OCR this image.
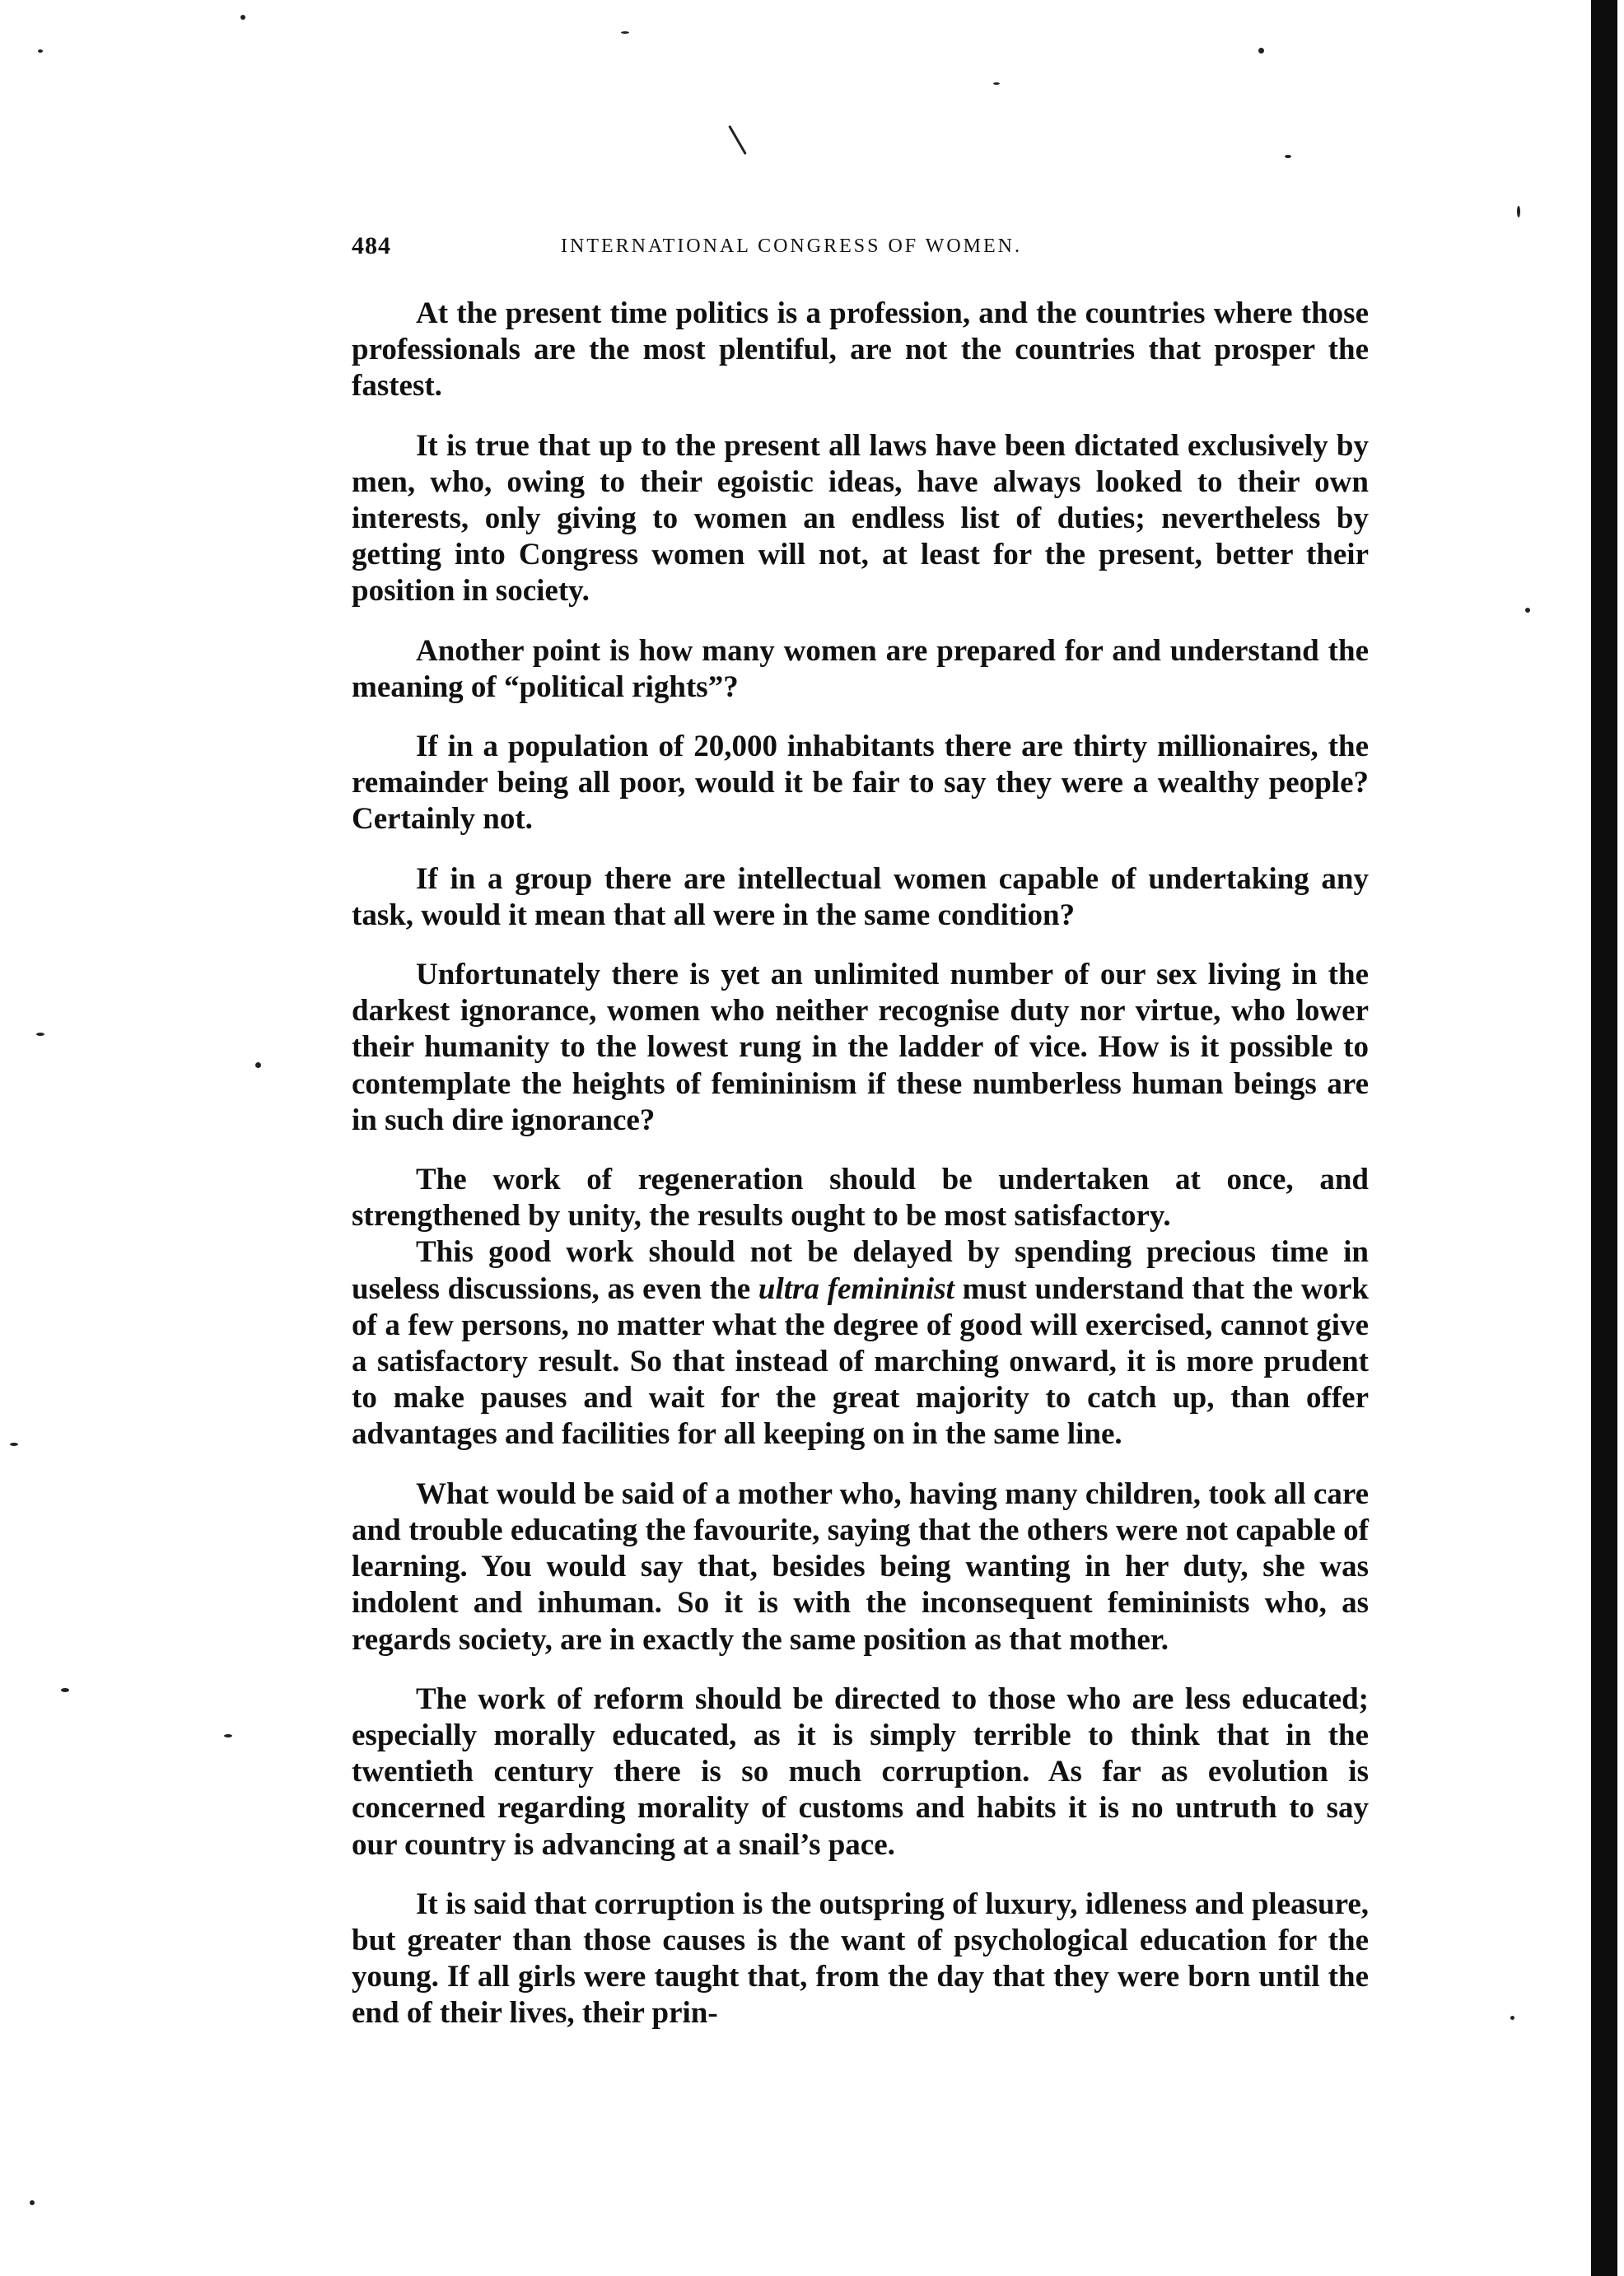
484	INTERNATIONAL CONGRESS OF WOMEN.

At the present time politics is a profession, and the countries where those professionals are the most plentiful, are not the countries that prosper the fastest.

It is true that up to the present all laws have been dictated exclusively by men, who, owing to their egoistic ideas, have always looked to their own interests, only giving to women an endless list of duties; nevertheless by getting into Congress women will not, at least for the present, better their position in society.

Another point is how many women are prepared for and understand the meaning of “political rights”?

If in a population of 20,000 inhabitants there are thirty millionaires, the remainder being all poor, would it be fair to say they were a wealthy people? Certainly not.

If in a group there are intellectual women capable of undertaking any task, would it mean that all were in the same condition?

Unfortunately there is yet an unlimited number of our sex living in the darkest ignorance, women who neither recognise duty nor virtue, who lower their humanity to the lowest rung in the ladder of vice. How is it possible to contemplate the heights of femininism if these numberless human beings are in such dire ignorance?

The work of regeneration should be undertaken at once, and strengthened by unity, the results ought to be most satisfactory.

This good work should not be delayed by spending precious time in useless discussions, as even the ultra femininist must understand that the work of a few persons, no matter what the degree of good will exercised, cannot give a satisfactory result. So that instead of marching onward, it is more prudent to make pauses and wait for the great majority to catch up, than offer advantages and facilities for all keeping on in the same line.

What would be said of a mother who, having many children, took all care and trouble educating the favourite, saying that the others were not capable of learning. You would say that, besides being wanting in her duty, she was indolent and inhuman. So it is with the inconsequent femininists who, as regards society, are in exactly the same position as that mother.

The work of reform should be directed to those who are less educated; especially morally educated, as it is simply terrible to think that in the twentieth century there is so much corruption. As far as evolution is concerned regarding morality of customs and habits it is no untruth to say our country is advancing at a snail’s pace.

It is said that corruption is the outspring of luxury, idleness and pleasure, but greater than those causes is the want of psychological education for the young. If all girls were taught that, from the day that they were born until the end of their lives, their prin-
